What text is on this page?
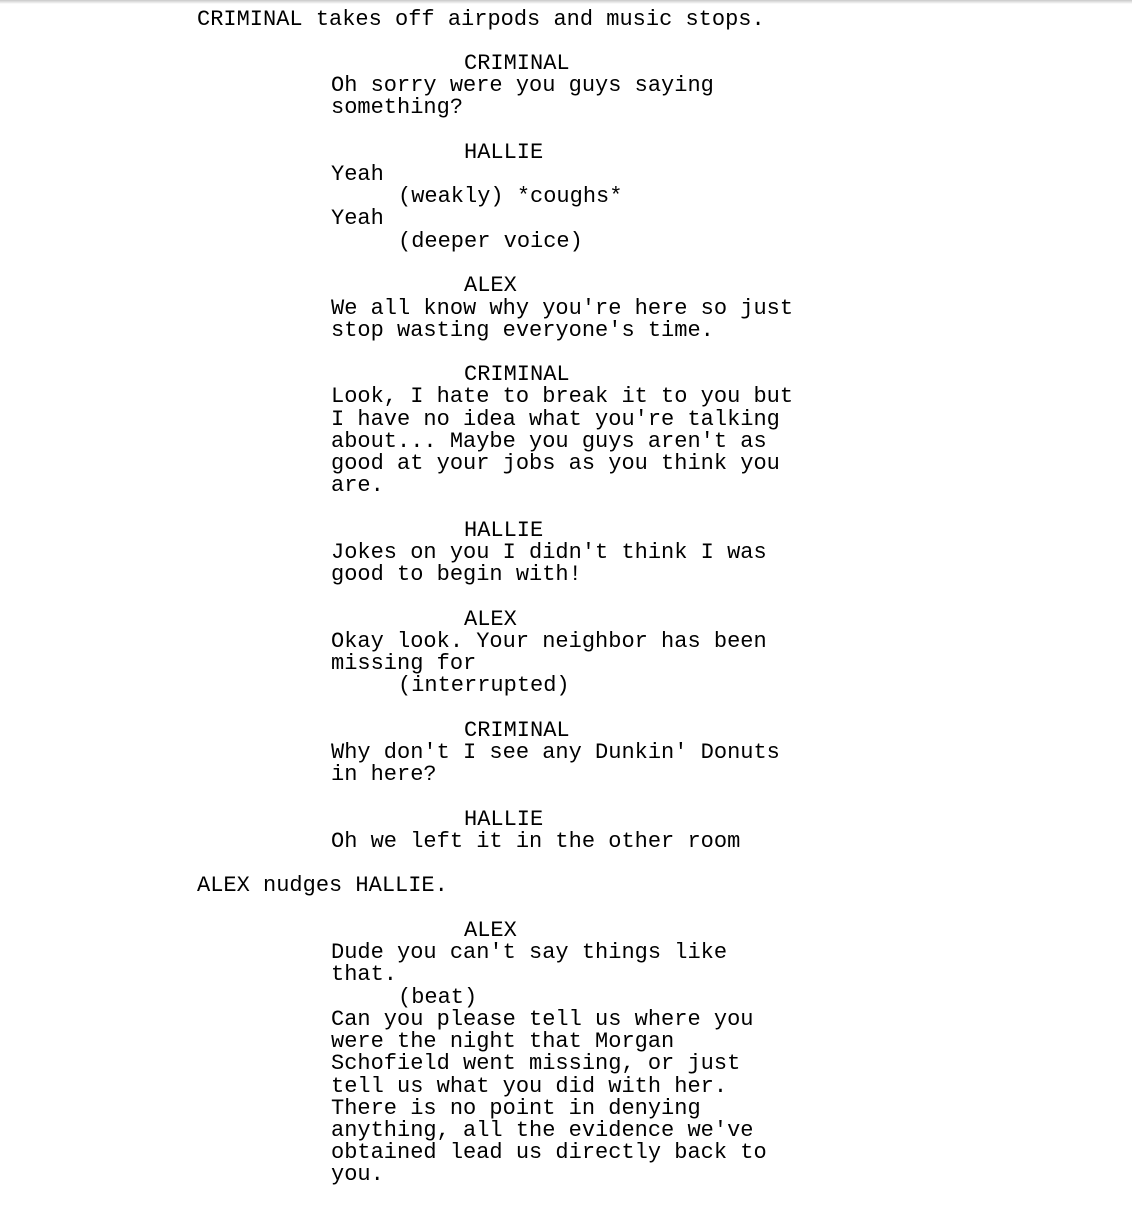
CRIMINAL takes off airpods and music stops.
CRIMINAL
Oh sorry were you guys saying
something?
HALLIE
Yeah
(weakly) *coughs*
Yeah
(deeper voice)
ALEX
We all know why you're here so just
stop wasting everyone's time.
CRIMINAL
Look, I hate to break it to you but
I have no idea what you're talking
about... Maybe you guys aren't as
good at your jobs as you think you
are.
HALLIE
Jokes on you I didn't think I was
good to begin with!
ALEX
Okay look. Your neighbor has been
missing for
(interrupted)
CRIMINAL
Why don't I see any Dunkin' Donuts
in here?
HALLIE
Oh we left it in the other room
ALEX nudges HALLIE.
ALEX
Dude you can't say things like
that.
(beat)
Can you please tell us where you
were the night that Morgan
Schofield went missing, or just
tell us what you did with her.
There is no point in denying
anything, all the evidence we've
obtained lead us directly back to
you.
